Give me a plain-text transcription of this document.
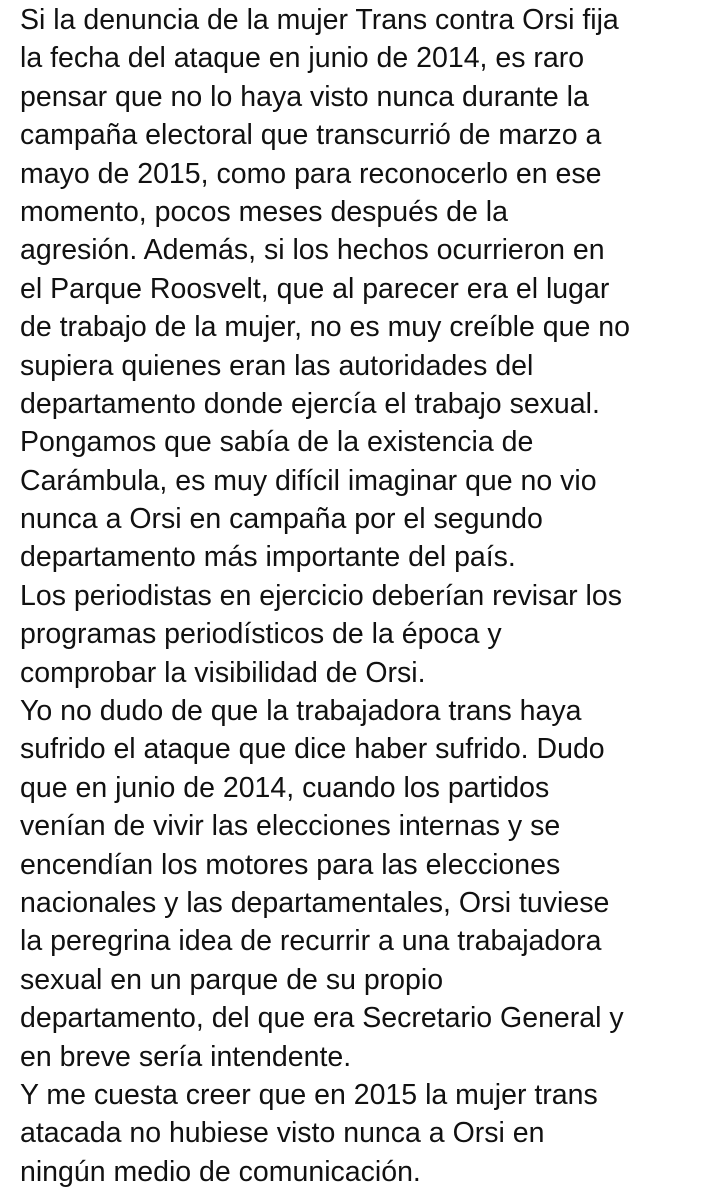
Si la denuncia de la mujer Trans contra Orsi fija
la fecha del ataque en junio de 2014, es raro
pensar que no lo haya visto nunca durante la
campaña electoral que transcurrió de marzo a
mayo de 2015, como para reconocerlo en ese
momento, pocos meses después de la
agresión. Además, si los hechos ocurrieron en
el Parque Roosvelt, que al parecer era el lugar
de trabajo de la mujer, no es muy creíble que no
supiera quienes eran las autoridades del
departamento donde ejercía el trabajo sexual.
Pongamos que sabía de la existencia de
Carámbula, es muy difícil imaginar que no vio
nunca a Orsi en campaña por el segundo
departamento más importante del país.
Los periodistas en ejercicio deberían revisar los
programas periodísticos de la época y
comprobar la visibilidad de Orsi.
Yo no dudo de que la trabajadora trans haya
sufrido el ataque que dice haber sufrido. Dudo
que en junio de 2014, cuando los partidos
venían de vivir las elecciones internas y se
encendían los motores para las elecciones
nacionales y las departamentales, Orsi tuviese
la peregrina idea de recurrir a una trabajadora
sexual en un parque de su propio
departamento, del que era Secretario General y
en breve sería intendente.
Y me cuesta creer que en 2015 la mujer trans
atacada no hubiese visto nunca a Orsi en
ningún medio de comunicación.
